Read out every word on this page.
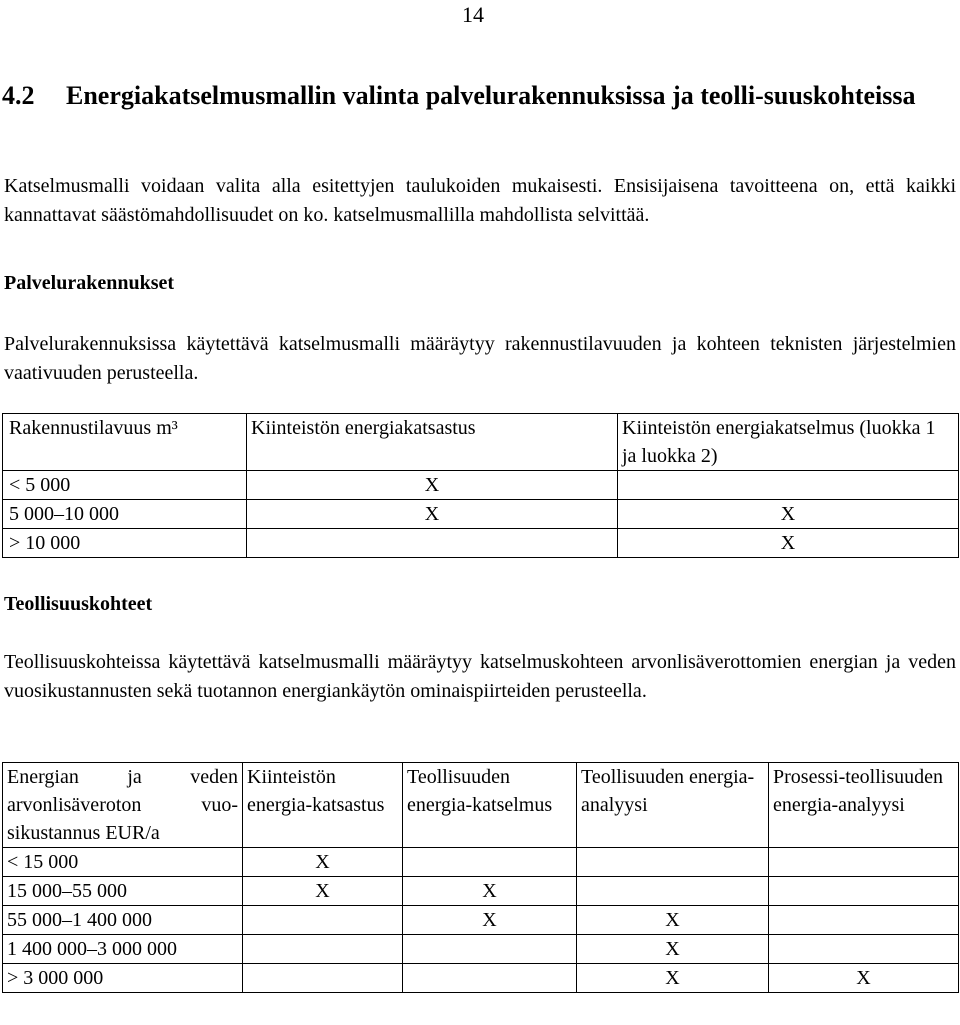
14
4.2	Energiakatselmusmallin valinta palvelurakennuksissa ja teolli-suuskohteissa

Katselmusmalli voidaan valita alla esitettyjen taulukoiden mukaisesti. Ensisijaisena tavoitteena on, että kaikki kannattavat säästömahdollisuudet on ko. katselmusmallilla mahdollista selvittää.

Palvelurakennukset

Palvelurakennuksissa käytettävä katselmusmalli määräytyy rakennustilavuuden ja kohteen teknisten järjestelmien vaativuuden perusteella.

Rakennustilavuus m³	Kiinteistön energiakatsastus	Kiinteistön energiakatselmus (luokka 1 ja luokka 2)
< 5 000	X	
5 000–10 000	X	X
> 10 000		X
Teollisuuskohteet

Teollisuuskohteissa käytettävä katselmusmalli määräytyy katselmuskohteen arvonlisäverottomien energian ja veden vuosikustannusten sekä tuotannon energiankäytön ominaispiirteiden perusteella.

Energian ja veden arvonlisäveroton vuo-sikustannus EUR/a	Kiinteistön energia-katsastus	Teollisuuden energia-katselmus	Teollisuuden energia-analyysi	Prosessi-teollisuuden energia-analyysi
< 15 000	X			
15 000–55 000	X	X		
55 000–1 400 000		X	X	
1 400 000–3 000 000			X	
> 3 000 000			X	X
